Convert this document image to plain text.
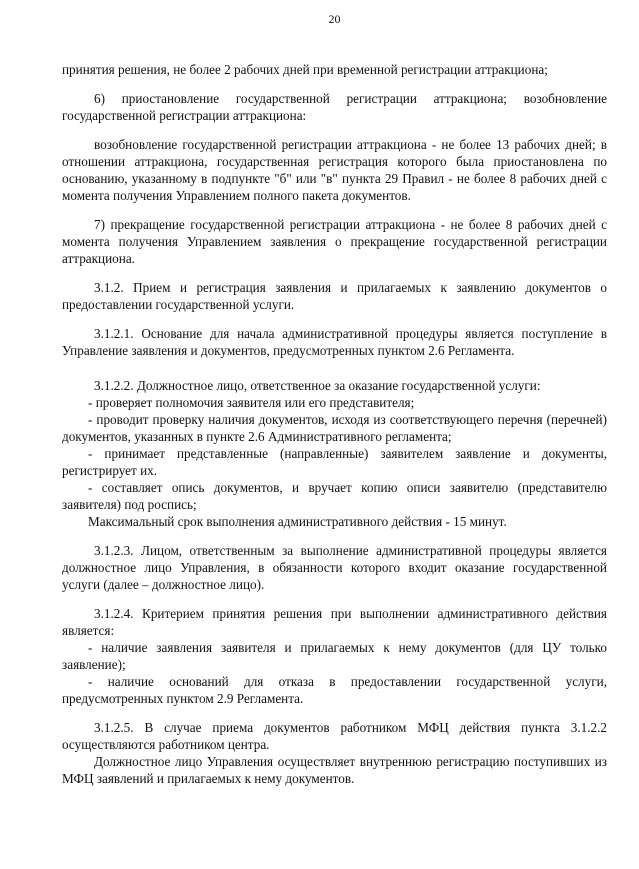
20

принятия решения, не более 2 рабочих дней при временной регистрации аттракциона;

6) приостановление государственной регистрации аттракциона; возобновление государственной регистрации аттракциона:

возобновление государственной регистрации аттракциона - не более 13 рабочих дней; в отношении аттракциона, государственная регистрация которого была приостановлена по основанию, указанному в подпункте "б" или "в" пункта 29 Правил - не более 8 рабочих дней с момента получения Управлением полного пакета документов.

7) прекращение государственной регистрации аттракциона - не более 8 рабочих дней с момента получения Управлением заявления о прекращение государственной регистрации аттракциона.

3.1.2. Прием и регистрация заявления и прилагаемых к заявлению документов о предоставлении государственной услуги.

3.1.2.1. Основание для начала административной процедуры является поступление в Управление заявления и документов, предусмотренных пунктом 2.6 Регламента.

3.1.2.2. Должностное лицо, ответственное за оказание государственной услуги:

- проверяет полномочия заявителя или его представителя;

- проводит проверку наличия документов, исходя из соответствующего перечня (перечней) документов, указанных в пункте 2.6 Административного регламента;

- принимает представленные (направленные) заявителем заявление и документы, регистрирует их.

- составляет опись документов, и вручает копию описи заявителю (представителю заявителя) под роспись;

Максимальный срок выполнения административного действия - 15 минут.

3.1.2.3. Лицом, ответственным за выполнение административной процедуры является должностное лицо Управления, в обязанности которого входит оказание государственной услуги (далее – должностное лицо).

3.1.2.4. Критерием принятия решения при выполнении административного действия является:

- наличие заявления заявителя и прилагаемых к нему документов (для ЦУ только заявление);

- наличие оснований для отказа в предоставлении государственной услуги, предусмотренных пунктом 2.9 Регламента.

3.1.2.5. В случае приема документов работником МФЦ действия пункта 3.1.2.2 осуществляются работником центра.

Должностное лицо Управления осуществляет внутреннюю регистрацию поступивших из МФЦ заявлений и прилагаемых к нему документов.
